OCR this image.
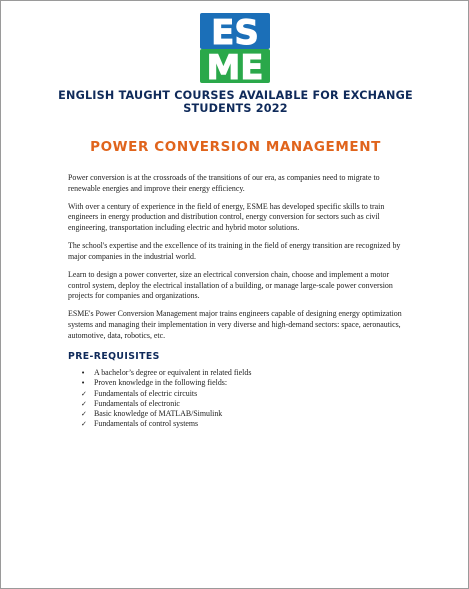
ES
ME
ENGLISH TAUGHT COURSES AVAILABLE FOR EXCHANGE
STUDENTS 2022
POWER CONVERSION MANAGEMENT

Power conversion is at the crossroads of the transitions of our era, as companies need to migrate to renewable energies and improve their energy efficiency.

With over a century of experience in the field of energy, ESME has developed specific skills to train engineers in energy production and distribution control, energy conversion for sectors such as civil engineering, transportation including electric and hybrid motor solutions.

The school's expertise and the excellence of its training in the field of energy transition are recognized by major companies in the industrial world.

Learn to design a power converter, size an electrical conversion chain, choose and implement a motor control system, deploy the electrical installation of a building, or manage large-scale power conversion projects for companies and organizations.

ESME's Power Conversion Management major trains engineers capable of designing energy optimization systems and managing their implementation in very diverse and high-demand sectors: space, aeronautics, automotive, data, robotics, etc.

PRE-REQUISITES
•	A bachelor’s degree or equivalent in related fields
•	Proven knowledge in the following fields:
✓ Fundamentals of electric circuits
✓ Fundamentals of electronic
✓ Basic knowledge of MATLAB/Simulink
✓ Fundamentals of control systems
